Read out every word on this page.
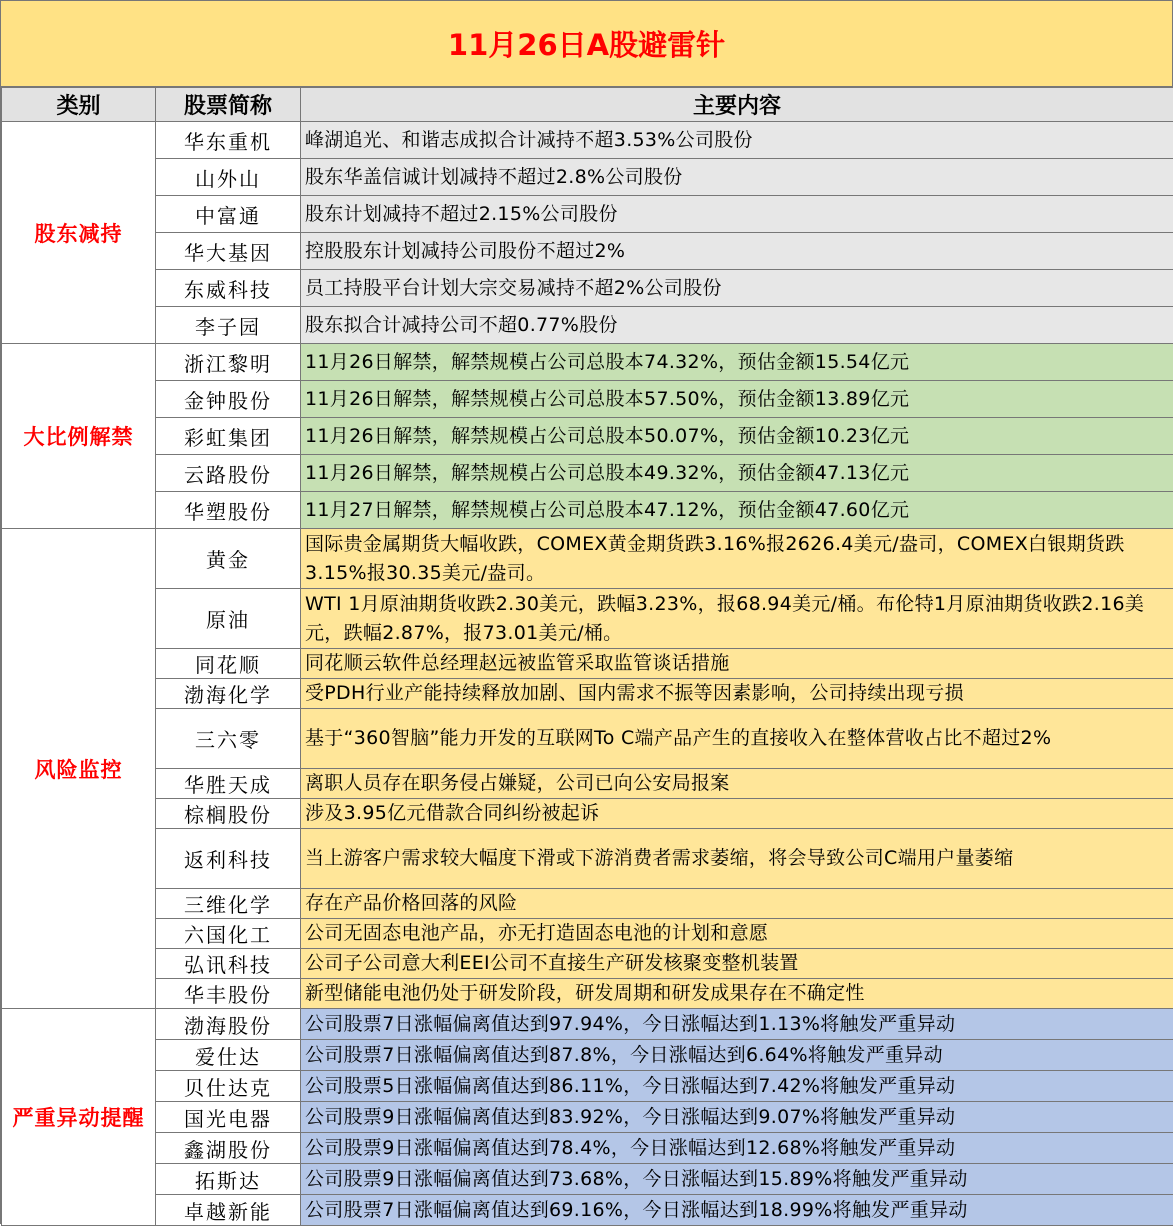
11月26日A股避雷针
类别	股票简称	主要内容
股东减持	华东重机	峰湖追光、和谐志成拟合计减持不超3.53%公司股份
	山外山	股东华盖信诚计划减持不超过2.8%公司股份
	中富通	股东计划减持不超过2.15%公司股份
	华大基因	控股股东计划减持公司股份不超过2%
	东威科技	员工持股平台计划大宗交易减持不超2%公司股份
	李子园	股东拟合计减持公司不超0.77%股份
大比例解禁	浙江黎明	11月26日解禁，解禁规模占公司总股本74.32%，预估金额15.54亿元
	金钟股份	11月26日解禁，解禁规模占公司总股本57.50%，预估金额13.89亿元
	彩虹集团	11月26日解禁，解禁规模占公司总股本50.07%，预估金额10.23亿元
	云路股份	11月26日解禁，解禁规模占公司总股本49.32%，预估金额47.13亿元
	华塑股份	11月27日解禁，解禁规模占公司总股本47.12%，预估金额47.60亿元
风险监控	黄金	国际贵金属期货大幅收跌，COMEX黄金期货跌3.16%报2626.4美元/盎司，COMEX白银期货跌3.15%报30.35美元/盎司。
	原油	WTI 1月原油期货收跌2.30美元，跌幅3.23%，报68.94美元/桶。布伦特1月原油期货收跌2.16美元，跌幅2.87%，报73.01美元/桶。
	同花顺	同花顺云软件总经理赵远被监管采取监管谈话措施
	渤海化学	受PDH行业产能持续释放加剧、国内需求不振等因素影响，公司持续出现亏损
	三六零	基于“360智脑”能力开发的互联网To C端产品产生的直接收入在整体营收占比不超过2%
	华胜天成	离职人员存在职务侵占嫌疑，公司已向公安局报案
	棕榈股份	涉及3.95亿元借款合同纠纷被起诉
	返利科技	当上游客户需求较大幅度下滑或下游消费者需求萎缩，将会导致公司C端用户量萎缩
	三维化学	存在产品价格回落的风险
	六国化工	公司无固态电池产品，亦无打造固态电池的计划和意愿
	弘讯科技	公司子公司意大利EEI公司不直接生产研发核聚变整机装置
	华丰股份	新型储能电池仍处于研发阶段，研发周期和研发成果存在不确定性
严重异动提醒	渤海股份	公司股票7日涨幅偏离值达到97.94%，今日涨幅达到1.13%将触发严重异动
	爱仕达	公司股票7日涨幅偏离值达到87.8%，今日涨幅达到6.64%将触发严重异动
	贝仕达克	公司股票5日涨幅偏离值达到86.11%，今日涨幅达到7.42%将触发严重异动
	国光电器	公司股票9日涨幅偏离值达到83.92%，今日涨幅达到9.07%将触发严重异动
	鑫湖股份	公司股票9日涨幅偏离值达到78.4%，今日涨幅达到12.68%将触发严重异动
	拓斯达	公司股票9日涨幅偏离值达到73.68%，今日涨幅达到15.89%将触发严重异动
	卓越新能	公司股票7日涨幅偏离值达到69.16%，今日涨幅达到18.99%将触发严重异动
